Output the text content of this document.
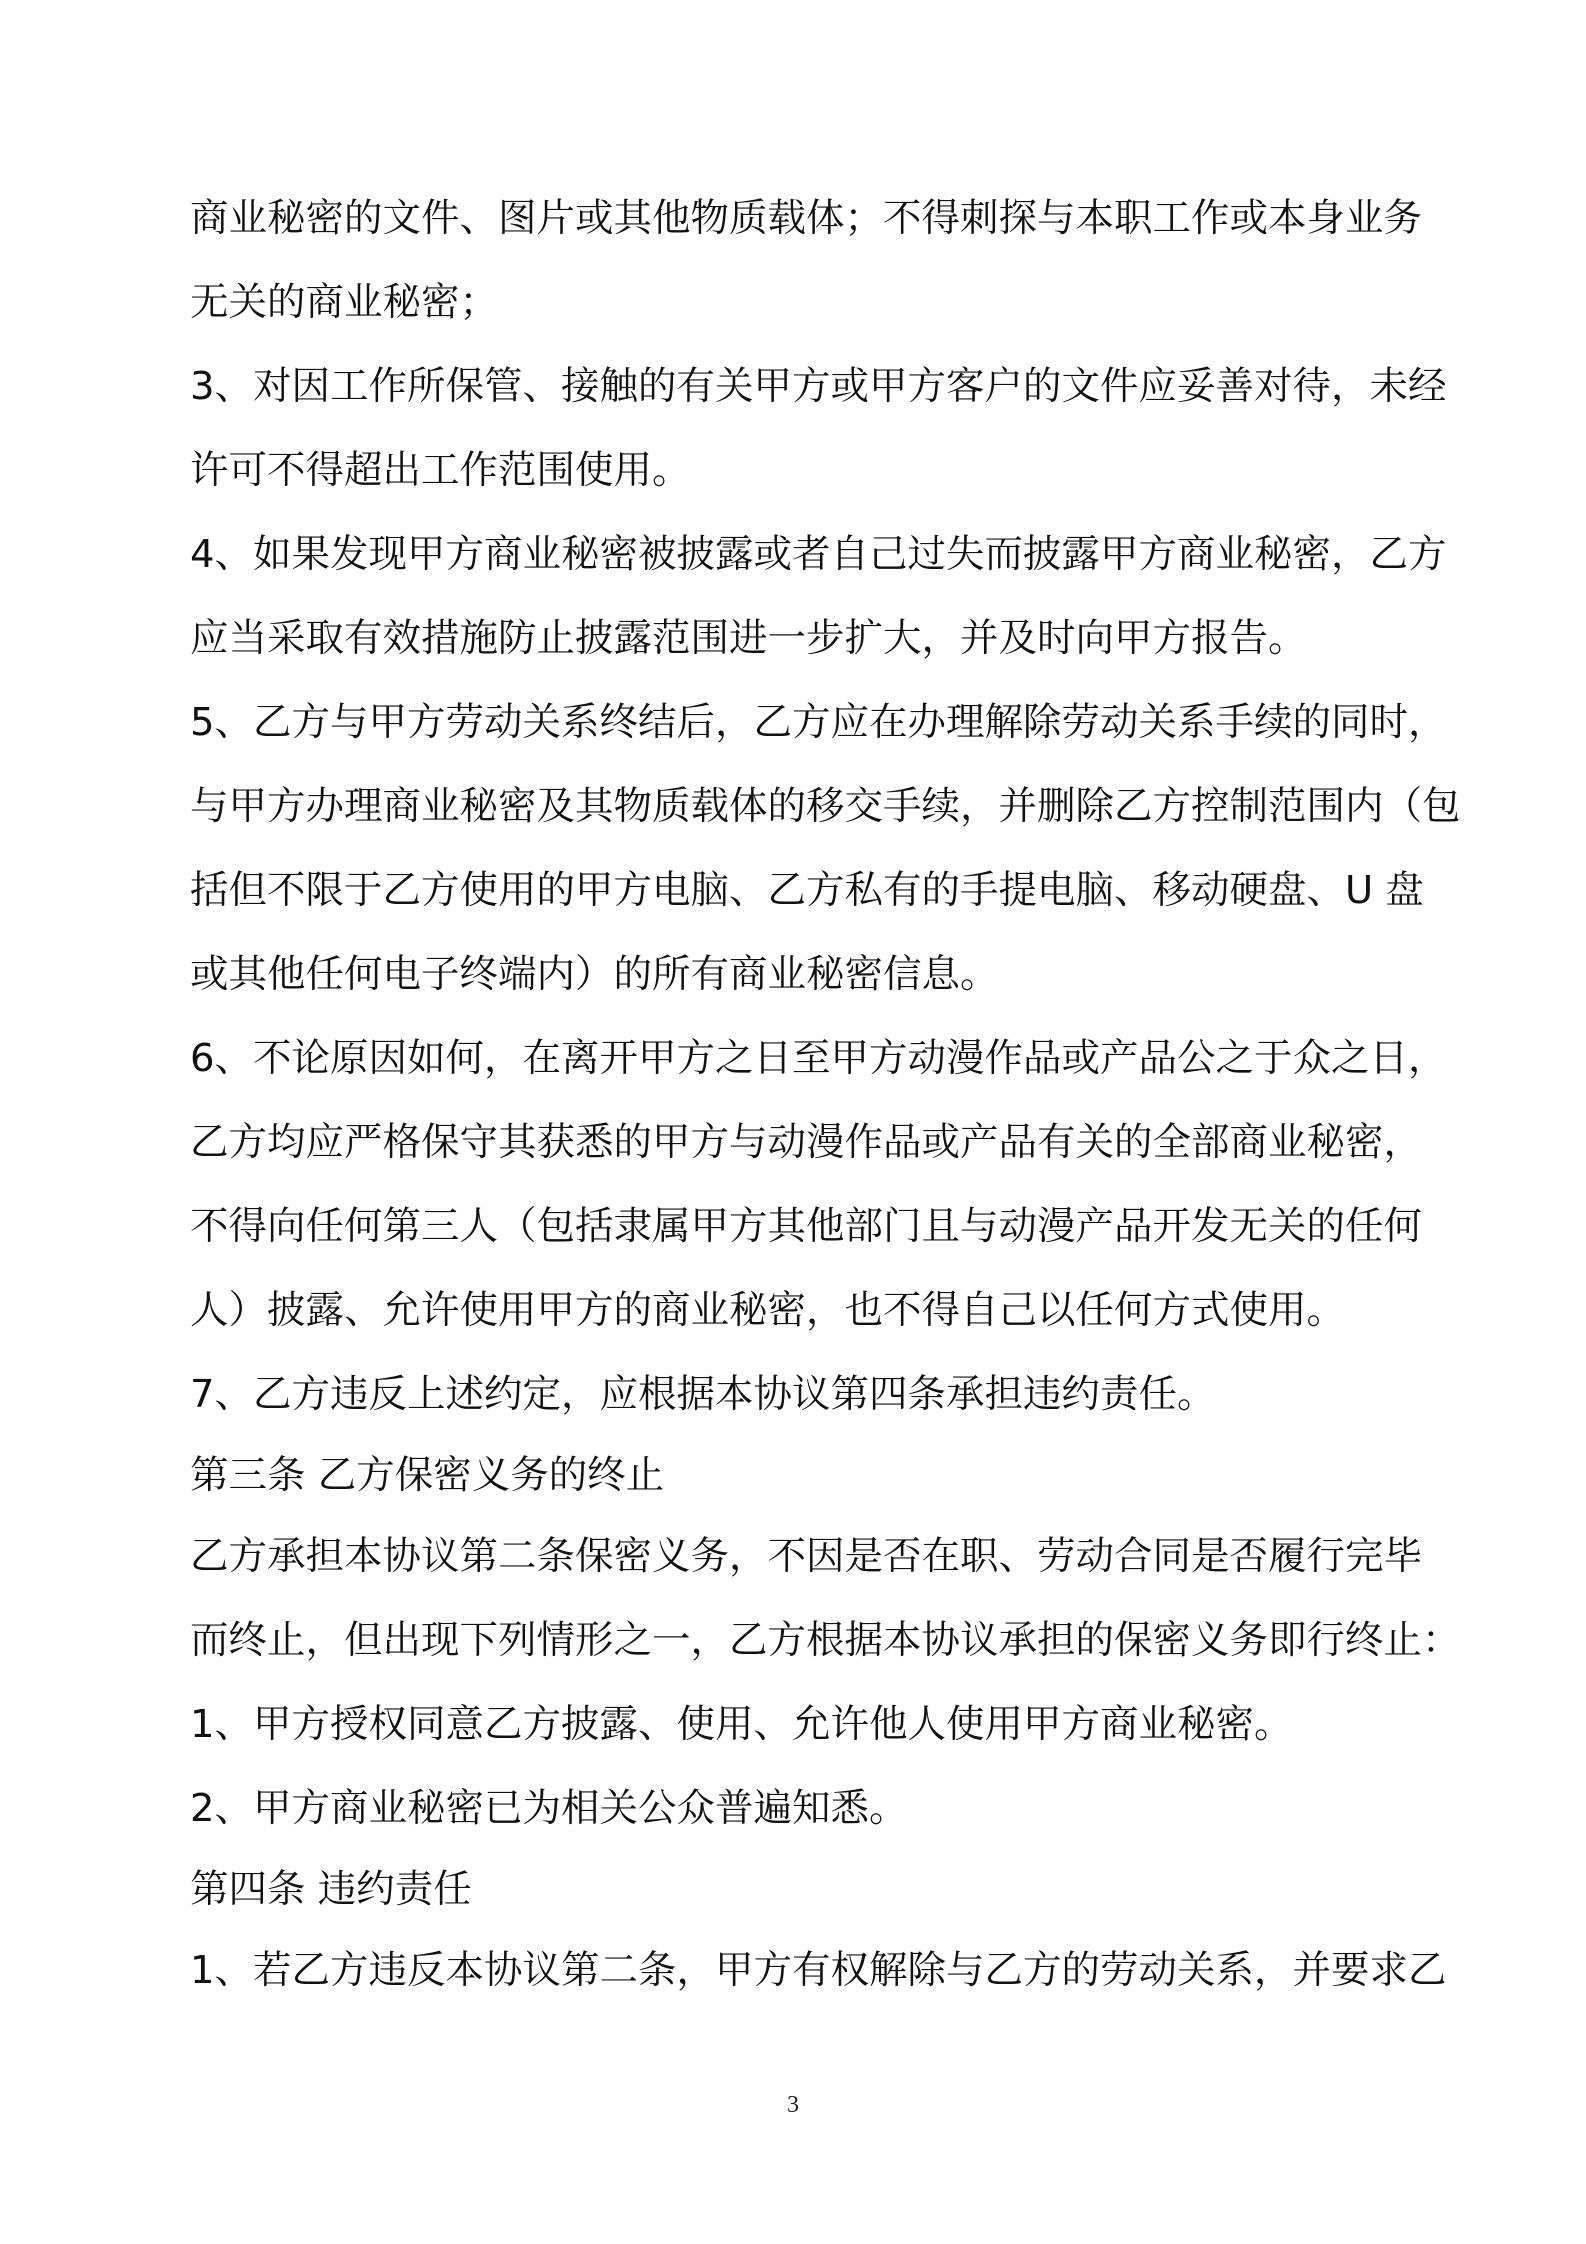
商业秘密的文件、图片或其他物质载体；不得刺探与本职工作或本身业务
无关的商业秘密；
3、对因工作所保管、接触的有关甲方或甲方客户的文件应妥善对待，未经
许可不得超出工作范围使用。
4、如果发现甲方商业秘密被披露或者自己过失而披露甲方商业秘密，乙方
应当采取有效措施防止披露范围进一步扩大，并及时向甲方报告。
5、乙方与甲方劳动关系终结后，乙方应在办理解除劳动关系手续的同时，
与甲方办理商业秘密及其物质载体的移交手续，并删除乙方控制范围内（包
括但不限于乙方使用的甲方电脑、乙方私有的手提电脑、移动硬盘、U 盘
或其他任何电子终端内）的所有商业秘密信息。
6、不论原因如何，在离开甲方之日至甲方动漫作品或产品公之于众之日，
乙方均应严格保守其获悉的甲方与动漫作品或产品有关的全部商业秘密，
不得向任何第三人（包括隶属甲方其他部门且与动漫产品开发无关的任何
人）披露、允许使用甲方的商业秘密，也不得自己以任何方式使用。
7、乙方违反上述约定，应根据本协议第四条承担违约责任。
第三条 乙方保密义务的终止
乙方承担本协议第二条保密义务，不因是否在职、劳动合同是否履行完毕
而终止，但出现下列情形之一，乙方根据本协议承担的保密义务即行终止：
1、甲方授权同意乙方披露、使用、允许他人使用甲方商业秘密。
2、甲方商业秘密已为相关公众普遍知悉。
第四条 违约责任
1、若乙方违反本协议第二条，甲方有权解除与乙方的劳动关系，并要求乙
3
